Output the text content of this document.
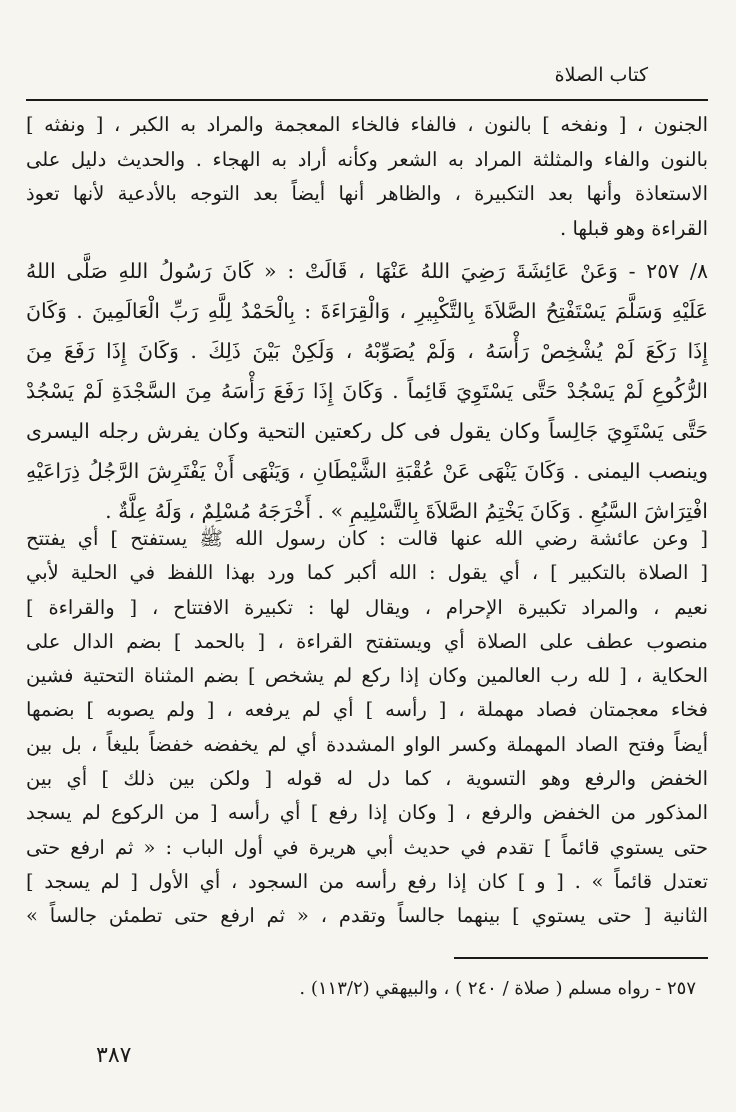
كتاب الصلاة
الجنون ، [ ونفخه ] بالنون ، فالفاء فالخاء المعجمة والمراد به الكبر ، [ ونفثه ]
بالنون والفاء والمثلثة المراد به الشعر وكأنه أراد به الهجاء . والحديث دليل على
الاستعاذة وأنها بعد التكبيرة ، والظاهر أنها أيضاً بعد التوجه بالأدعية لأنها تعوذ
القراءة وهو قبلها .
٨/ ٢٥٧ - وَعَنْ عَائِشَةَ رَضِيَ اللهُ عَنْهَا ، قَالَتْ : « كَانَ رَسُولُ اللهِ صَلَّى اللهُ
عَلَيْهِ وَسَلَّمَ يَسْتَفْتِحُ الصَّلاَةَ بِالتَّكْبِيرِ ، وَالْقِرَاءَةَ : بِالْحَمْدُ لِلَّهِ رَبِّ الْعَالَمِينَ . وَكَانَ
إِذَا رَكَعَ لَمْ يُشْخِصْ رَأْسَهُ ، وَلَمْ يُصَوِّبْهُ ، وَلَكِنْ بَيْنَ ذَلِكَ . وَكَانَ إِذَا رَفَعَ مِنَ
الرُّكُوعِ لَمْ يَسْجُدْ حَتَّى يَسْتَوِيَ قَائِماً . وَكَانَ إِذَا رَفَعَ رَأْسَهُ مِنَ السَّجْدَةِ لَمْ يَسْجُدْ
حَتَّى يَسْتَوِيَ جَالِساً وكان يقول فى كل ركعتين التحية وكان يفرش رجله اليسرى
وينصب اليمنى . وَكَانَ يَنْهَى عَنْ عُقْبَةِ الشَّيْطَانِ ، وَيَنْهَى أَنْ يَفْتَرِشَ الرَّجُلُ ذِرَاعَيْهِ
افْتِرَاشَ السَّبُعِ . وَكَانَ يَخْتِمُ الصَّلاَةَ بِالتَّسْلِيمِ » . أَخْرَجَهُ مُسْلِمٌ ، وَلَهُ عِلَّةٌ .
[ وعن عائشة رضي الله عنها قالت : كان رسول الله ﷺ يستفتح ] أي يفتتح
[ الصلاة بالتكبير ] ، أي يقول : الله أكبر كما ورد بهذا اللفظ في الحلية لأبي
نعيم ، والمراد تكبيرة الإحرام ، ويقال لها : تكبيرة الافتتاح ، [ والقراءة ]
منصوب عطف على الصلاة أي ويستفتح القراءة ، [ بالحمد ] بضم الدال على
الحكاية ، [ لله رب العالمين وكان إذا ركع لم يشخص ] بضم المثناة التحتية فشين
فخاء معجمتان فصاد مهملة ، [ رأسه ] أي لم يرفعه ، [ ولم يصوبه ] بضمها
أيضاً وفتح الصاد المهملة وكسر الواو المشددة أي لم يخفضه خفضاً بليغاً ، بل بين
الخفض والرفع وهو التسوية ، كما دل له قوله [ ولكن بين ذلك ] أي بين
المذكور من الخفض والرفع ، [ وكان إذا رفع ] أي رأسه [ من الركوع لم يسجد
حتى يستوي قائماً ] تقدم في حديث أبي هريرة في أول الباب : « ثم ارفع حتى
تعتدل قائماً » . [ و ] كان إذا رفع رأسه من السجود ، أي الأول [ لم يسجد ]
الثانية [ حتى يستوي ] بينهما جالساً وتقدم ، « ثم ارفع حتى تطمئن جالساً »
٢٥٧ - رواه مسلم ( صلاة / ٢٤٠ ) ، والبيهقي (١١٣/٢) .
٣٨٧
